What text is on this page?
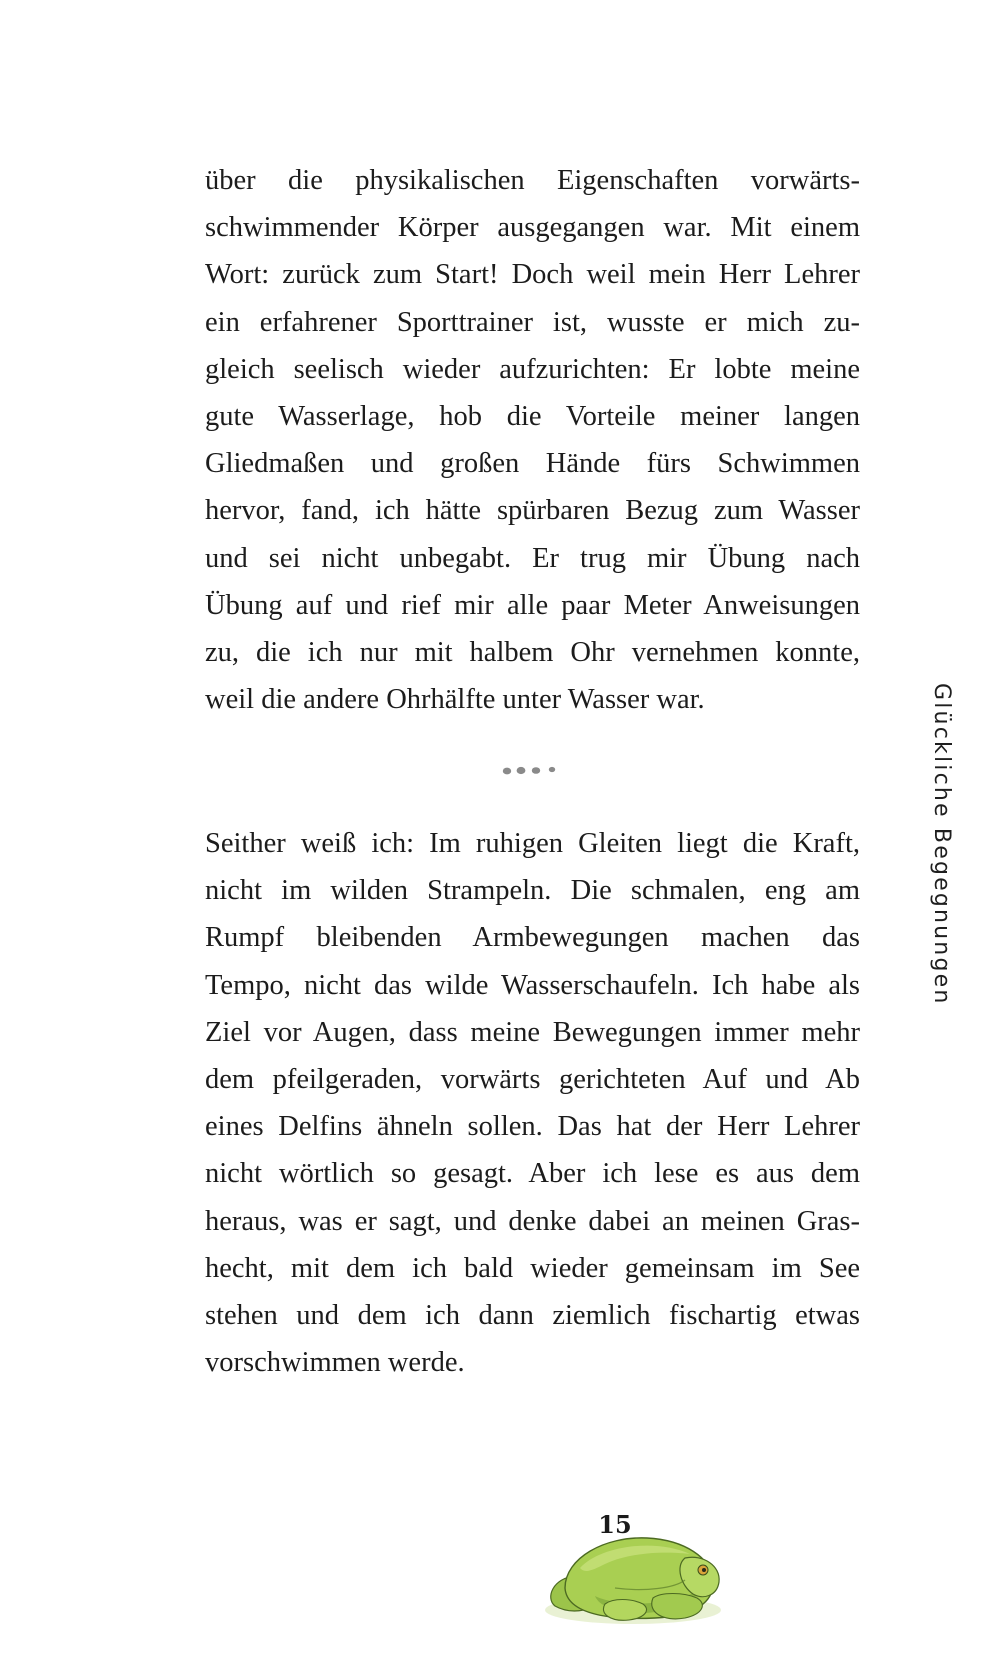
über die physikalischen Eigenschaften vorwärts-
schwimmender Körper ausgegangen war. Mit einem
Wort: zurück zum Start! Doch weil mein Herr Lehrer
ein erfahrener Sporttrainer ist, wusste er mich zu-
gleich seelisch wieder aufzurichten: Er lobte meine
gute Wasserlage, hob die Vorteile meiner langen
Gliedmaßen und großen Hände fürs Schwimmen
hervor, fand, ich hätte spürbaren Bezug zum Wasser
und sei nicht unbegabt. Er trug mir Übung nach
Übung auf und rief mir alle paar Meter Anweisungen
zu, die ich nur mit halbem Ohr vernehmen konnte,
weil die andere Ohrhälfte unter Wasser war.
Seither weiß ich: Im ruhigen Gleiten liegt die Kraft,
nicht im wilden Strampeln. Die schmalen, eng am
Rumpf bleibenden Armbewegungen machen das
Tempo, nicht das wilde Wasserschaufeln. Ich habe als
Ziel vor Augen, dass meine Bewegungen immer mehr
dem pfeilgeraden, vorwärts gerichteten Auf und Ab
eines Delfins ähneln sollen. Das hat der Herr Lehrer
nicht wörtlich so gesagt. Aber ich lese es aus dem
heraus, was er sagt, und denke dabei an meinen Gras-
hecht, mit dem ich bald wieder gemeinsam im See
stehen und dem ich dann ziemlich fischartig etwas
vorschwimmen werde.
Glückliche Begegnungen
15
